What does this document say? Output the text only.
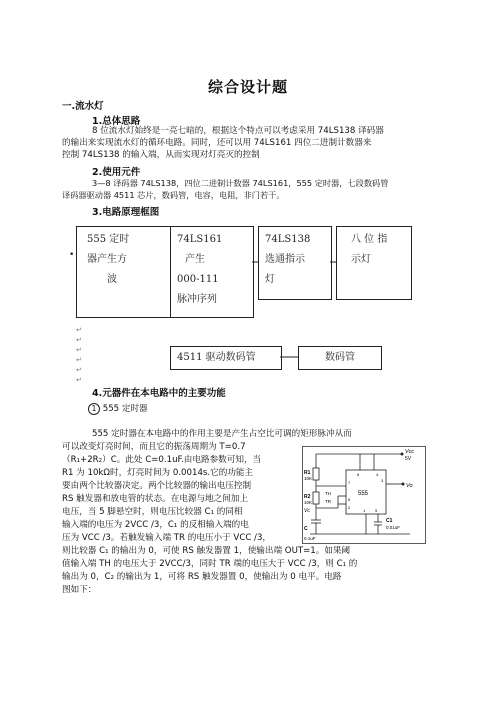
综合设计题
一.流水灯
1.总体思路
8 位流水灯始终是一亮七暗的，根据这个特点可以考虑采用 74LS138 译码器
的输出来实现流水灯的循环电路。同时，还可以用 74LS161 四位二进制计数器来
控制 74LS138 的输入端，从而实现对灯亮灭的控制
2.使用元件
3—8 译码器 74LS138，四位二进制计数器 74LS161，555 定时器，七段数码管
译码器驱动器 4511 芯片，数码管，电容，电阻，非门若干。
3.电路原理框图
555 定时
器产生方
波
74LS161
产生
000-111
脉冲序列
74LS138
选通指示
灯
八 位 指
示灯
4511 驱动数码管	数码管
•
↵
↵
↵
↵
↵
↵
4.元器件在本电路中的主要功能
1 555 定时器
555 定时器在本电路中的作用主要是产生占空比可调的矩形脉冲从而
可以改变灯亮时间，而且它的振荡周期为 T=0.7
（R₁+2R₂）C。此处 C=0.1uF.由电路参数可知，当
R1 为 10kΩ时，灯亮时间为 0.0014s.它的功能主
要由两个比较器决定。两个比较器的输出电压控制
RS 触发器和放电管的状态。在电源与地之间加上
电压，当 5 脚悬空时，则电压比较器 C₁ 的同相
输入端的电压为 2VCC /3，C₁ 的反相输入端的电
压为 VCC /3。若触发输入端 TR 的电压小于 VCC /3，
则比较器 C₁ 的输出为 0，可使 RS 触发器置 1，使输出端 OUT=1。如果阈
值输入端 TH 的电压大于 2VCC/3，同时 TR 端的电压大于 VCC /3，则 C₁ 的
输出为 0，C₂ 的输出为 1，可将 RS 触发器置 0，使输出为 0 电平。电路
图如下：
Vcc
5V
R1
10K
R2
10K
TH
TR
Vc
555
Vo
C
0.1uF
C1
0.01uF
8	4
7
6
2
3
1 5
